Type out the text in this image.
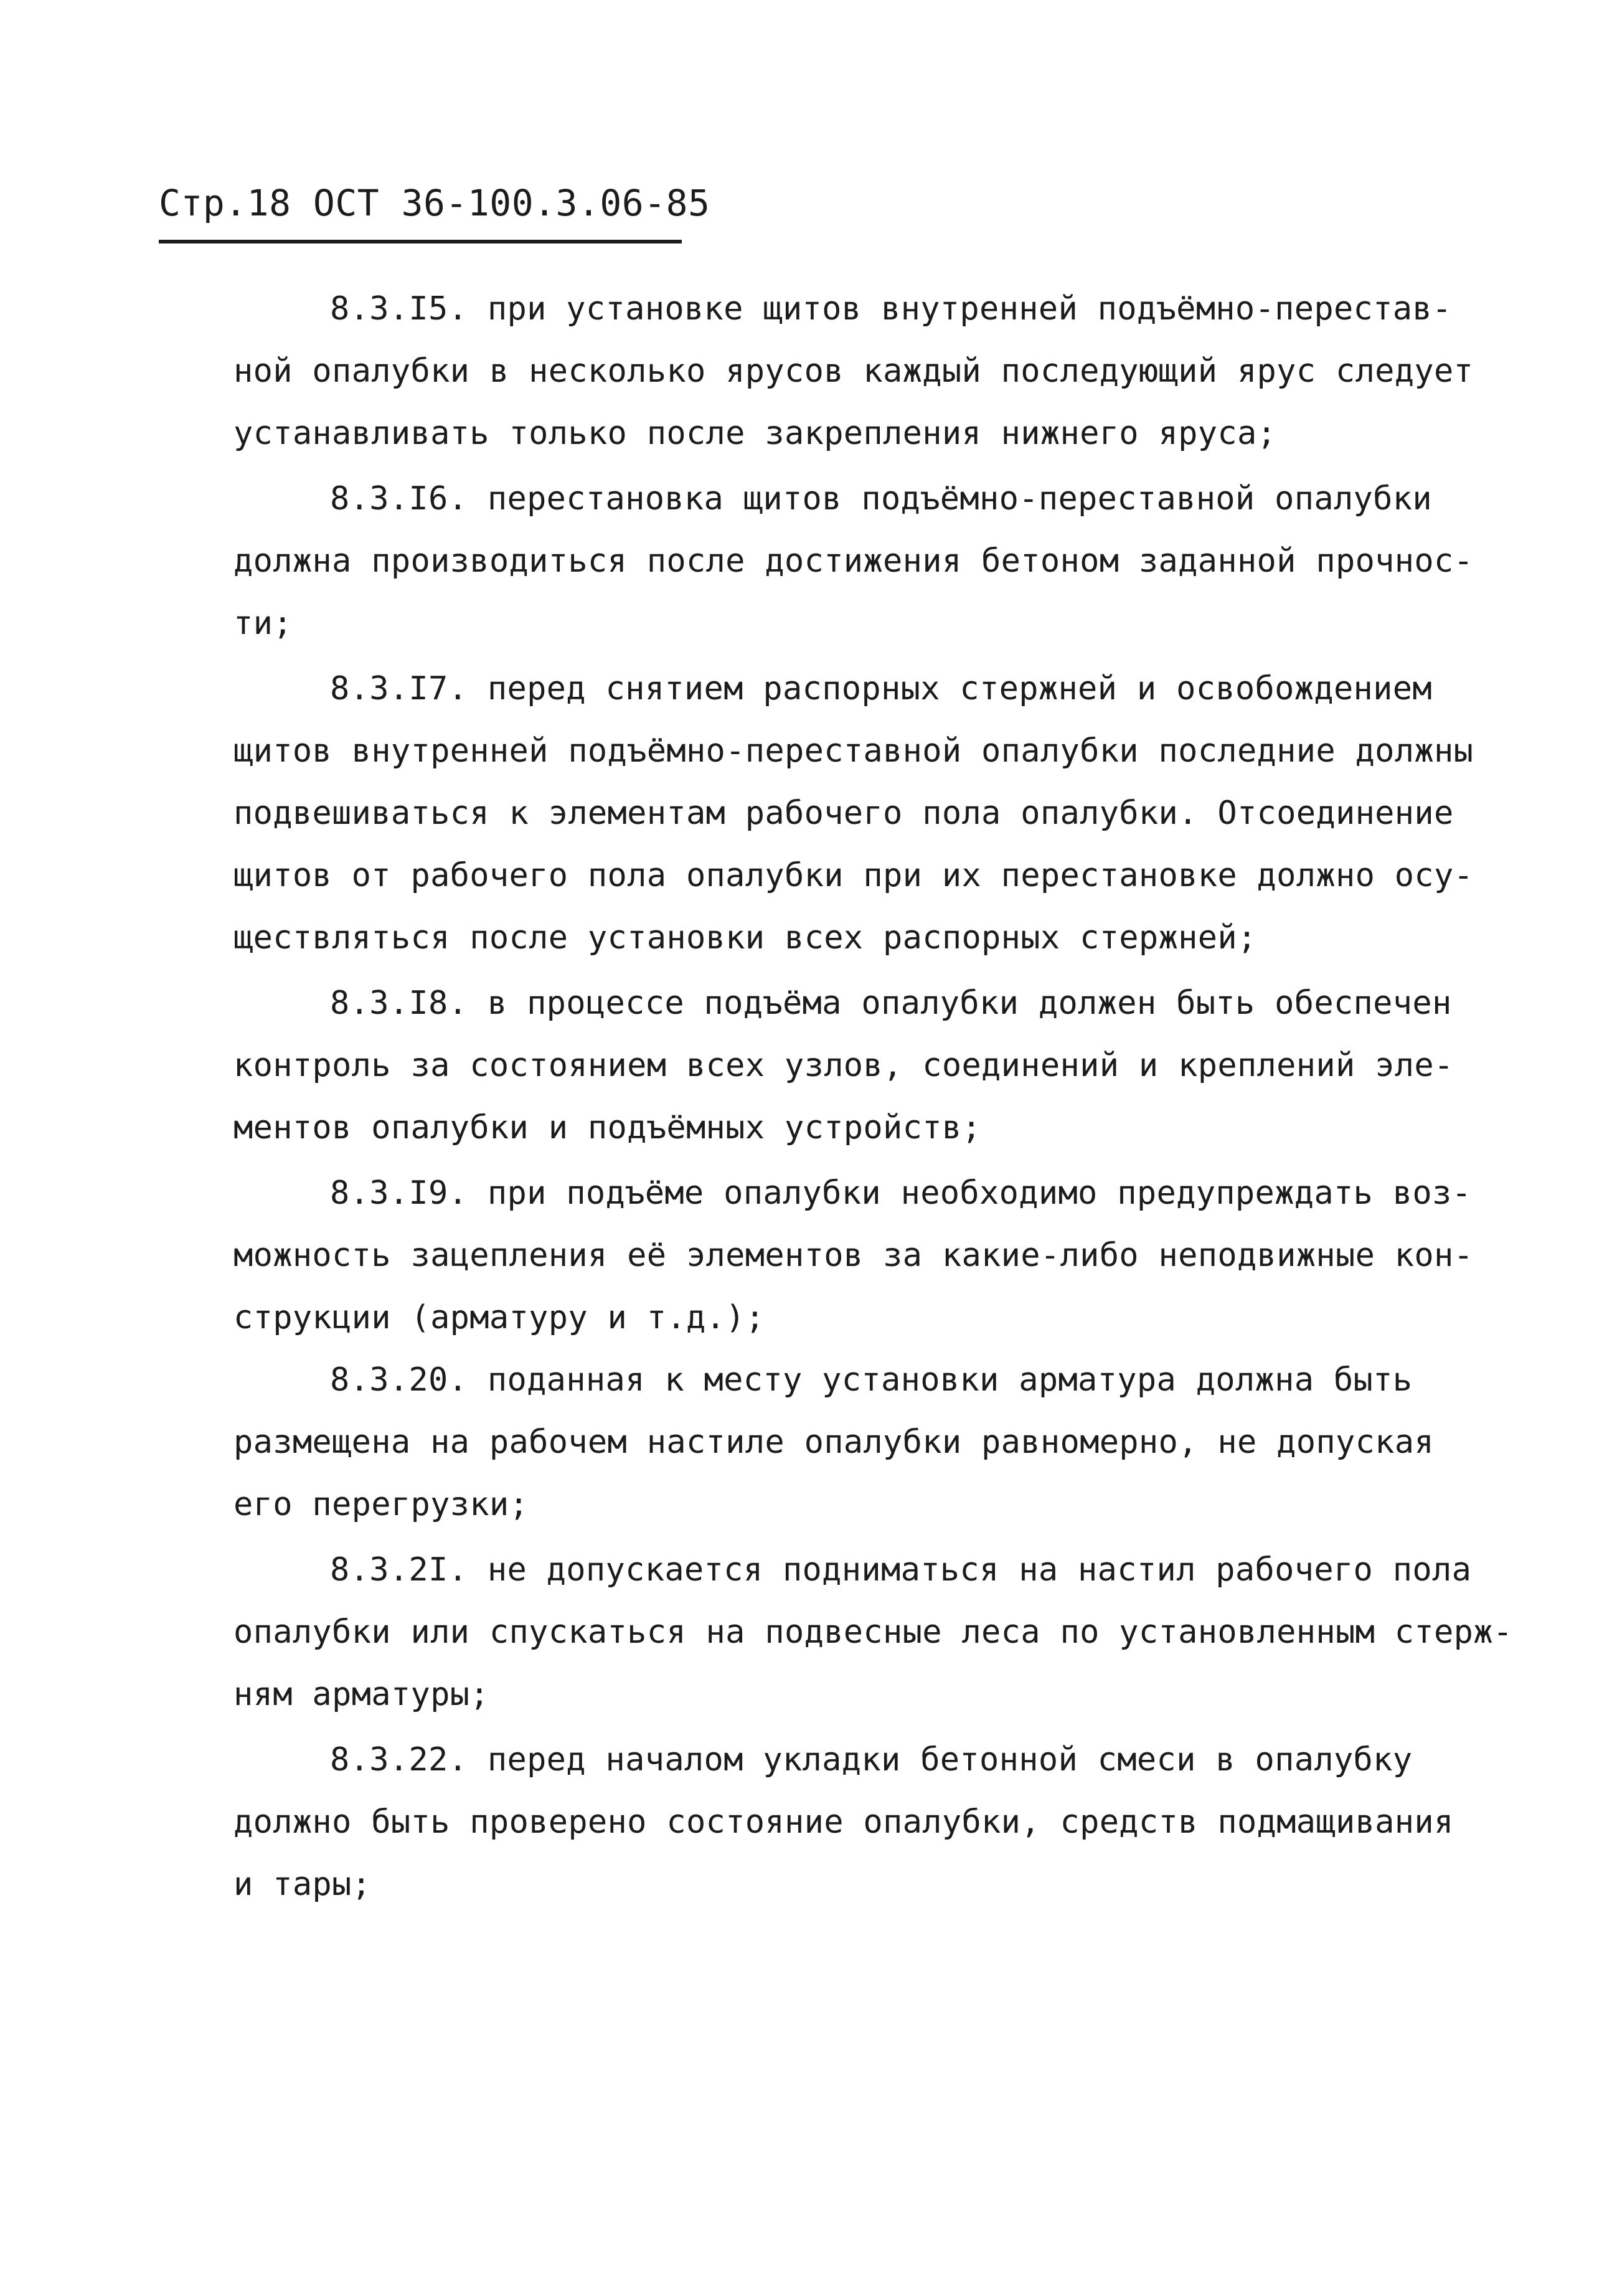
Стр.18 ОСТ 36-100.3.06-85
8.3.I5. при установке щитов внутренней подъёмно-перестав-
ной опалубки в несколько ярусов каждый последующий ярус следует
устанавливать только после закрепления нижнего яруса;
8.3.I6. перестановка щитов подъёмно-переставной опалубки
должна производиться после достижения бетоном заданной прочнос-
ти;
8.3.I7. перед снятием распорных стержней и освобождением
щитов внутренней подъёмно-переставной опалубки последние должны
подвешиваться к элементам рабочего пола опалубки. Отсоединение
щитов от рабочего пола опалубки при их перестановке должно осу-
ществляться после установки всех распорных стержней;
8.3.I8. в процессе подъёма опалубки должен быть обеспечен
контроль за состоянием всех узлов, соединений и креплений эле-
ментов опалубки и подъёмных устройств;
8.3.I9. при подъёме опалубки необходимо предупреждать воз-
можность зацепления её элементов за какие-либо неподвижные кон-
струкции (арматуру и т.д.);
8.3.20. поданная к месту установки арматура должна быть
размещена на рабочем настиле опалубки равномерно, не допуская
его перегрузки;
8.3.2I. не допускается подниматься на настил рабочего пола
опалубки или спускаться на подвесные леса по установленным стерж-
ням арматуры;
8.3.22. перед началом укладки бетонной смеси в опалубку
должно быть проверено состояние опалубки, средств подмащивания
и тары;
